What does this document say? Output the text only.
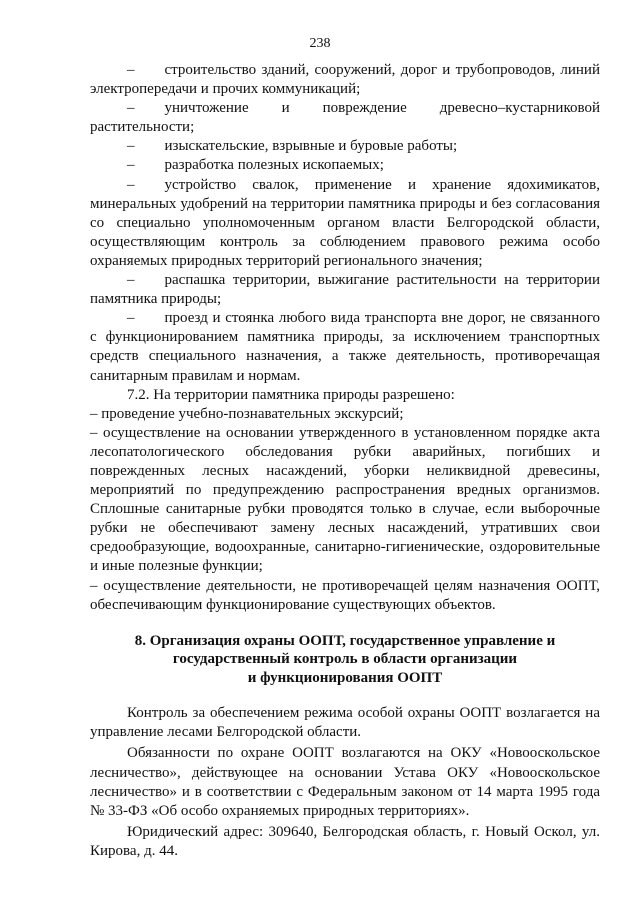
238

–  строительство зданий, сооружений, дорог и трубопроводов, линий электропередачи и прочих коммуникаций;

–  уничтожение и повреждение древесно–кустарниковой растительности;

–  изыскательские, взрывные и буровые работы;

–  разработка полезных ископаемых;

–  устройство свалок, применение и хранение ядохимикатов, минеральных удобрений на территории памятника природы и без согласования со специально уполномоченным органом власти Белгородской области, осуществляющим контроль за соблюдением правового режима особо охраняемых природных территорий регионального значения;

–  распашка территории, выжигание растительности на территории памятника природы;

–  проезд и стоянка любого вида транспорта вне дорог, не связанного с функционированием памятника природы, за исключением транспортных средств специального назначения, а также деятельность, противоречащая санитарным правилам и нормам.

7.2. На территории памятника природы разрешено:

– проведение учебно-познавательных экскурсий;

– осуществление на основании утвержденного в установленном порядке акта лесопатологического обследования рубки аварийных, погибших и поврежденных лесных насаждений, уборки неликвидной древесины, мероприятий по предупреждению распространения вредных организмов. Сплошные санитарные рубки проводятся только в случае, если выборочные рубки не обеспечивают замену лесных насаждений, утративших свои средообразующие, водоохранные, санитарно-гигиенические, оздоровительные и иные полезные функции;

– осуществление деятельности, не противоречащей целям назначения ООПТ, обеспечивающим функционирование существующих объектов.

8. Организация охраны ООПТ, государственное управление и
государственный контроль в области организации
и функционирования ООПТ

Контроль за обеспечением режима особой охраны ООПТ возлагается на управление лесами Белгородской области.

Обязанности по охране ООПТ возлагаются на ОКУ «Новооскольское лесничество», действующее на основании Устава ОКУ «Новооскольское лесничество» и в соответствии с Федеральным законом от 14 марта 1995 года № 33-ФЗ «Об особо охраняемых природных территориях».

Юридический адрес: 309640, Белгородская область, г. Новый Оскол, ул. Кирова, д. 44.
